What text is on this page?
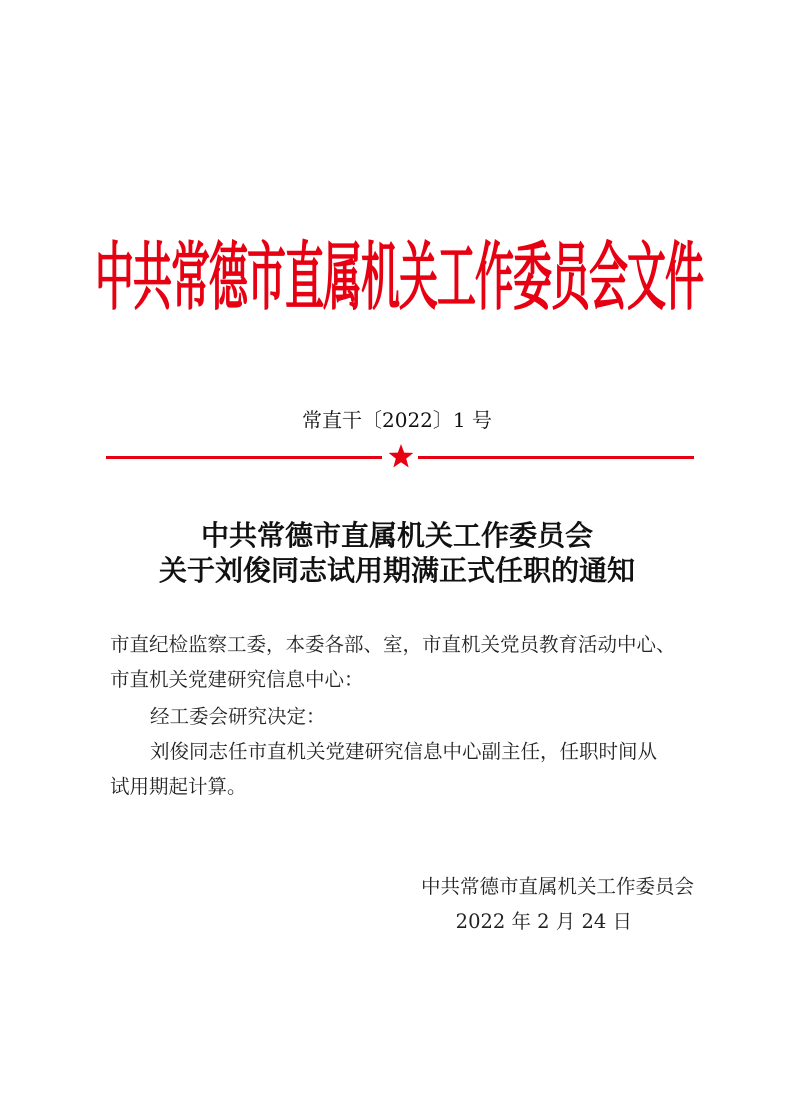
中共常德市直属机关工作委员会文件
常直干〔2022〕1 号
中共常德市直属机关工作委员会
关于刘俊同志试用期满正式任职的通知
市直纪检监察工委，本委各部、室，市直机关党员教育活动中心、
市直机关党建研究信息中心：
经工委会研究决定：
刘俊同志任市直机关党建研究信息中心副主任，任职时间从
试用期起计算。
中共常德市直属机关工作委员会
2022 年 2 月 24 日
